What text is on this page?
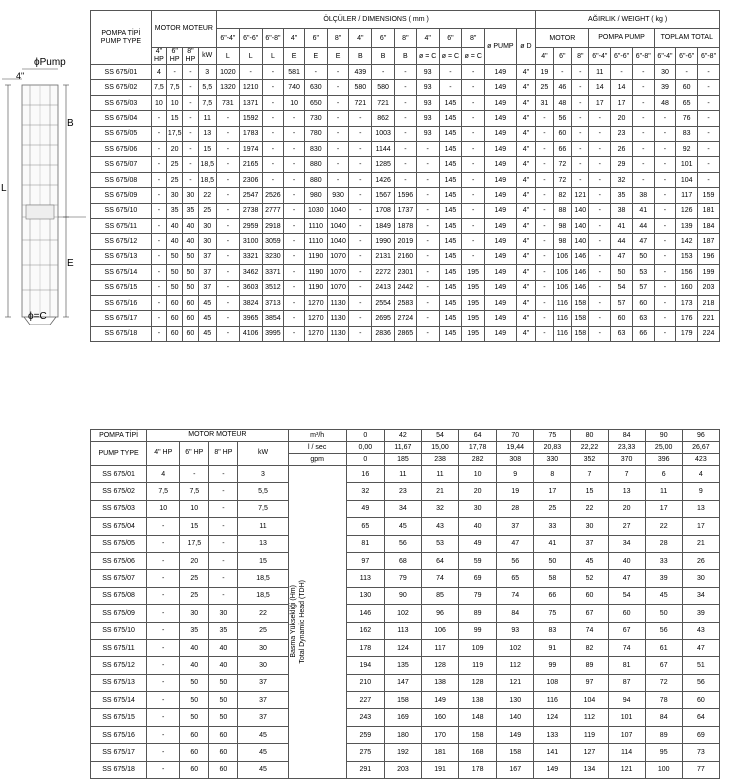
ϕPump
4"
B
L
E
ϕ=C
POMPA TİPİ
PUMP TYPE	MOTOR MOTEUR				ÖLÇÜLER / DIMENSIONS ( mm )														AĞIRLIK / WEIGHT ( kg )								
					6"-4"	6"-6"	6"-8"	4"	6"	8"	4"	6"	8"	4"	6"	8"	ø PUMP	ø D	MOTOR			POMPA PUMP			TOPLAM TOTAL		
	4" HP	6" HP	8" HP	kW	L	L	L	E	E	E	B	B	B	ø = C	ø = C	ø = C			4"	6"	8"	6"-4"	6"-6"	6"-8"	6"-4"	6"-6"	6"-8"
SS 675/01	4	-	-	3	1020	-	-	581	-	-	439	-	-	93	-	-	149	4"	19	-	-	11	-	-	30	-	-
SS 675/02	7,5	7,5	-	5,5	1320	1210	-	740	630	-	580	580	-	93	-	-	149	4"	25	46	-	14	14	-	39	60	-
SS 675/03	10	10	-	7,5	731	1371	-	10	650	-	721	721	-	93	145	-	149	4"	31	48	-	17	17	-	48	65	-
SS 675/04	-	15	-	11	-	1592	-	-	730	-	-	862	-	93	145	-	149	4"	-	56	-	-	20	-	-	76	-
SS 675/05	-	17,5	-	13	-	1783	-	-	780	-	-	1003	-	93	145	-	149	4"	-	60	-	-	23	-	-	83	-
SS 675/06	-	20	-	15	-	1974	-	-	830	-	-	1144	-	-	145	-	149	4"	-	66	-	-	26	-	-	92	-
SS 675/07	-	25	-	18,5	-	2165	-	-	880	-	-	1285	-	-	145	-	149	4"	-	72	-	-	29	-	-	101	-
SS 675/08	-	25	-	18,5	-	2306	-	-	880	-	-	1426	-	-	145	-	149	4"	-	72	-	-	32	-	-	104	-
SS 675/09	-	30	30	22	-	2547	2526	-	980	930	-	1567	1596	-	145	-	149	4"	-	82	121	-	35	38	-	117	159
SS 675/10	-	35	35	25	-	2738	2777	-	1030	1040	-	1708	1737	-	145	-	149	4"	-	88	140	-	38	41	-	126	181
SS 675/11	-	40	40	30	-	2959	2918	-	1110	1040	-	1849	1878	-	145	-	149	4"	-	98	140	-	41	44	-	139	184
SS 675/12	-	40	40	30	-	3100	3059	-	1110	1040	-	1990	2019	-	145	-	149	4"	-	98	140	-	44	47	-	142	187
SS 675/13	-	50	50	37	-	3321	3230	-	1190	1070	-	2131	2160	-	145	-	149	4"	-	106	146	-	47	50	-	153	196
SS 675/14	-	50	50	37	-	3462	3371	-	1190	1070	-	2272	2301	-	145	195	149	4"	-	106	146	-	50	53	-	156	199
SS 675/15	-	50	50	37	-	3603	3512	-	1190	1070	-	2413	2442	-	145	195	149	4"	-	106	146	-	54	57	-	160	203
SS 675/16	-	60	60	45	-	3824	3713	-	1270	1130	-	2554	2583	-	145	195	149	4"	-	116	158	-	57	60	-	173	218
SS 675/17	-	60	60	45	-	3965	3854	-	1270	1130	-	2695	2724	-	145	195	149	4"	-	116	158	-	60	63	-	176	221
SS 675/18	-	60	60	45	-	4106	3995	-	1270	1130	-	2836	2865	-	145	195	149	4"	-	116	158	-	63	66	-	179	224
POMPA TİPİ	MOTOR MOTEUR				m³/h	0	42	54	64	70	75	80	84	90	96
PUMP TYPE	4" HP	6" HP	8" HP	kW	l / sec	0,00	11,67	15,00	17,78	19,44	20,83	22,22	23,33	25,00	26,67
					gpm	0	185	238	282	308	330	352	370	396	423
SS 675/01	4	-	-	3	Basma Yüksekliği (Hm) Total Dynamic Head (TDH)	16	11	11	10	9	8	7	7	6	4
SS 675/02	7,5	7,5	-	5,5		32	23	21	20	19	17	15	13	11	9
SS 675/03	10	10	-	7,5		49	34	32	30	28	25	22	20	17	13
SS 675/04	-	15	-	11		65	45	43	40	37	33	30	27	22	17
SS 675/05	-	17,5	-	13		81	56	53	49	47	41	37	34	28	21
SS 675/06	-	20	-	15		97	68	64	59	56	50	45	40	33	26
SS 675/07	-	25	-	18,5		113	79	74	69	65	58	52	47	39	30
SS 675/08	-	25	-	18,5		130	90	85	79	74	66	60	54	45	34
SS 675/09	-	30	30	22		146	102	96	89	84	75	67	60	50	39
SS 675/10	-	35	35	25		162	113	106	99	93	83	74	67	56	43
SS 675/11	-	40	40	30		178	124	117	109	102	91	82	74	61	47
SS 675/12	-	40	40	30		194	135	128	119	112	99	89	81	67	51
SS 675/13	-	50	50	37		210	147	138	128	121	108	97	87	72	56
SS 675/14	-	50	50	37		227	158	149	138	130	116	104	94	78	60
SS 675/15	-	50	50	37		243	169	160	148	140	124	112	101	84	64
SS 675/16	-	60	60	45		259	180	170	158	149	133	119	107	89	69
SS 675/17	-	60	60	45		275	192	181	168	158	141	127	114	95	73
SS 675/18	-	60	60	45		291	203	191	178	167	149	134	121	100	77
